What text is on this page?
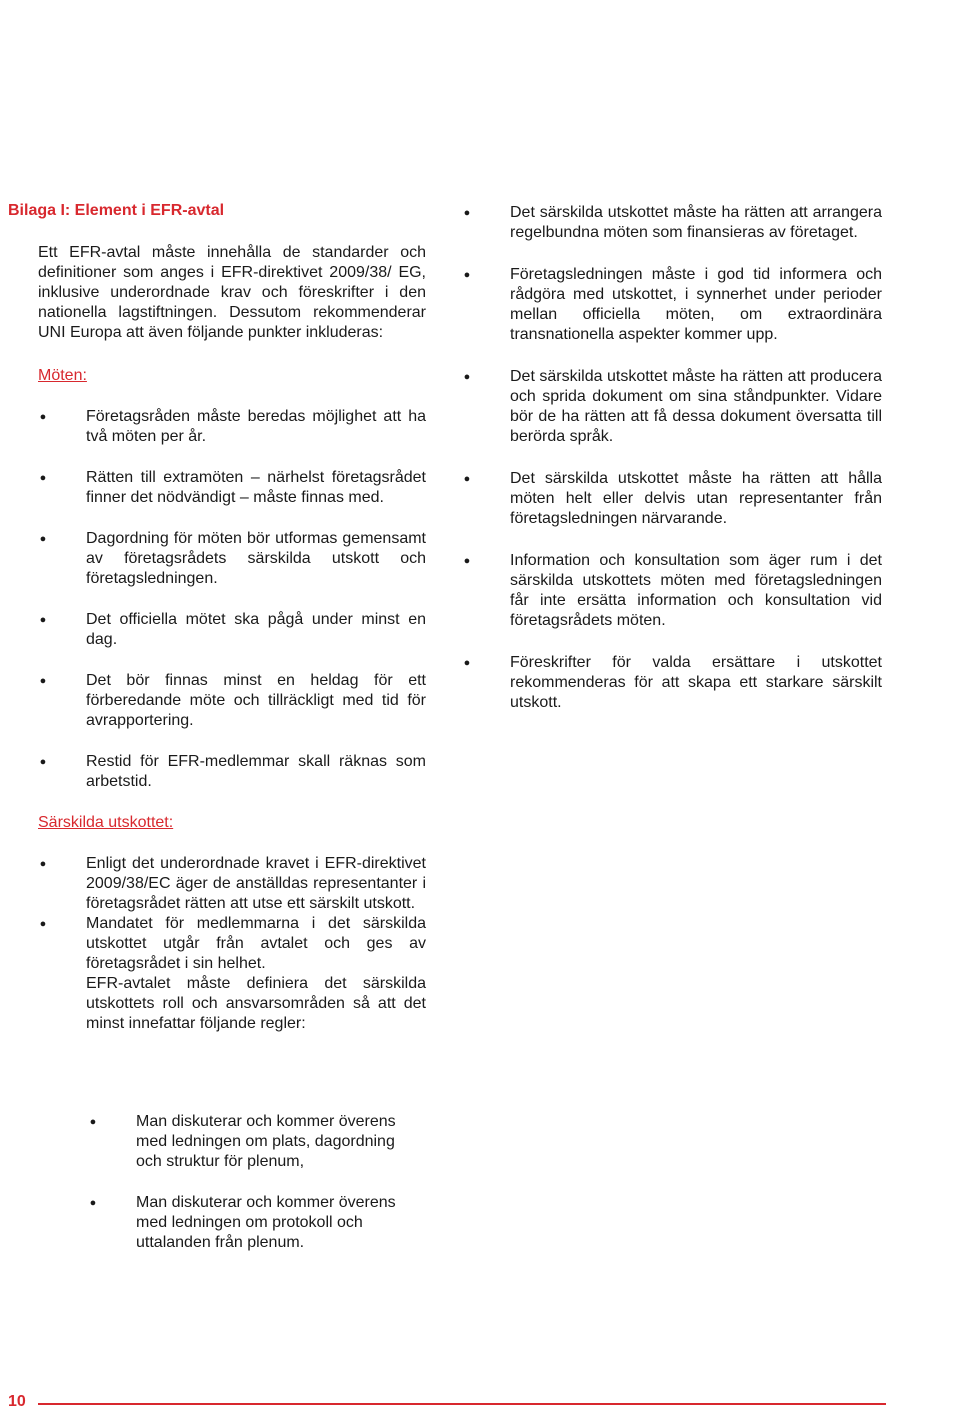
Bilaga I: Element i EFR-avtal

Ett EFR-avtal måste innehålla de standarder och definitioner som anges i EFR-direktivet 2009/38/ EG, inklusive underordnade krav och föreskrifter i den nationella lagstiftningen. Dessutom rekommenderar UNI Europa att även följande punkter inkluderas:

Möten:

● Företagsråden måste beredas möjlighet att ha två möten per år.
● Rätten till extramöten – närhelst företagsrådet finner det nödvändigt – måste finnas med.
● Dagordning för möten bör utformas gemensamt av företagsrådets särskilda utskott och företagsledningen.
● Det officiella mötet ska pågå under minst en dag.
● Det bör finnas minst en heldag för ett förberedande möte och tillräckligt med tid för avrapportering.
● Restid för EFR-medlemmar skall räknas som arbetstid.

Särskilda utskottet:

● Enligt det underordnade kravet i EFR-direktivet 2009/38/EC äger de anställdas representanter i företagsrådet rätten att utse ett särskilt utskott.
● Mandatet för medlemmarna i det särskilda utskottet utgår från avtalet och ges av företagsrådet i sin helhet.
EFR-avtalet måste definiera det särskilda utskottets roll och ansvarsområden så att det minst innefattar följande regler:
● Man diskuterar och kommer överens med ledningen om plats, dagordning och struktur för plenum,
● Man diskuterar och kommer överens med ledningen om protokoll och uttalanden från plenum.
● Det särskilda utskottet måste ha rätten att arrangera regelbundna möten som finansieras av företaget.
● Företagsledningen måste i god tid informera och rådgöra med utskottet, i synnerhet under perioder mellan officiella möten, om extraordinära transnationella aspekter kommer upp.
● Det särskilda utskottet måste ha rätten att producera och sprida dokument om sina ståndpunkter. Vidare bör de ha rätten att få dessa dokument översatta till berörda språk.
● Det särskilda utskottet måste ha rätten att hålla möten helt eller delvis utan representanter från företagsledningen närvarande.
● Information och konsultation som äger rum i det särskilda utskottets möten med företagsledningen får inte ersätta information och konsultation vid företagsrådets möten.
● Föreskrifter för valda ersättare i utskottet rekommenderas för att skapa ett starkare särskilt utskott.
10
